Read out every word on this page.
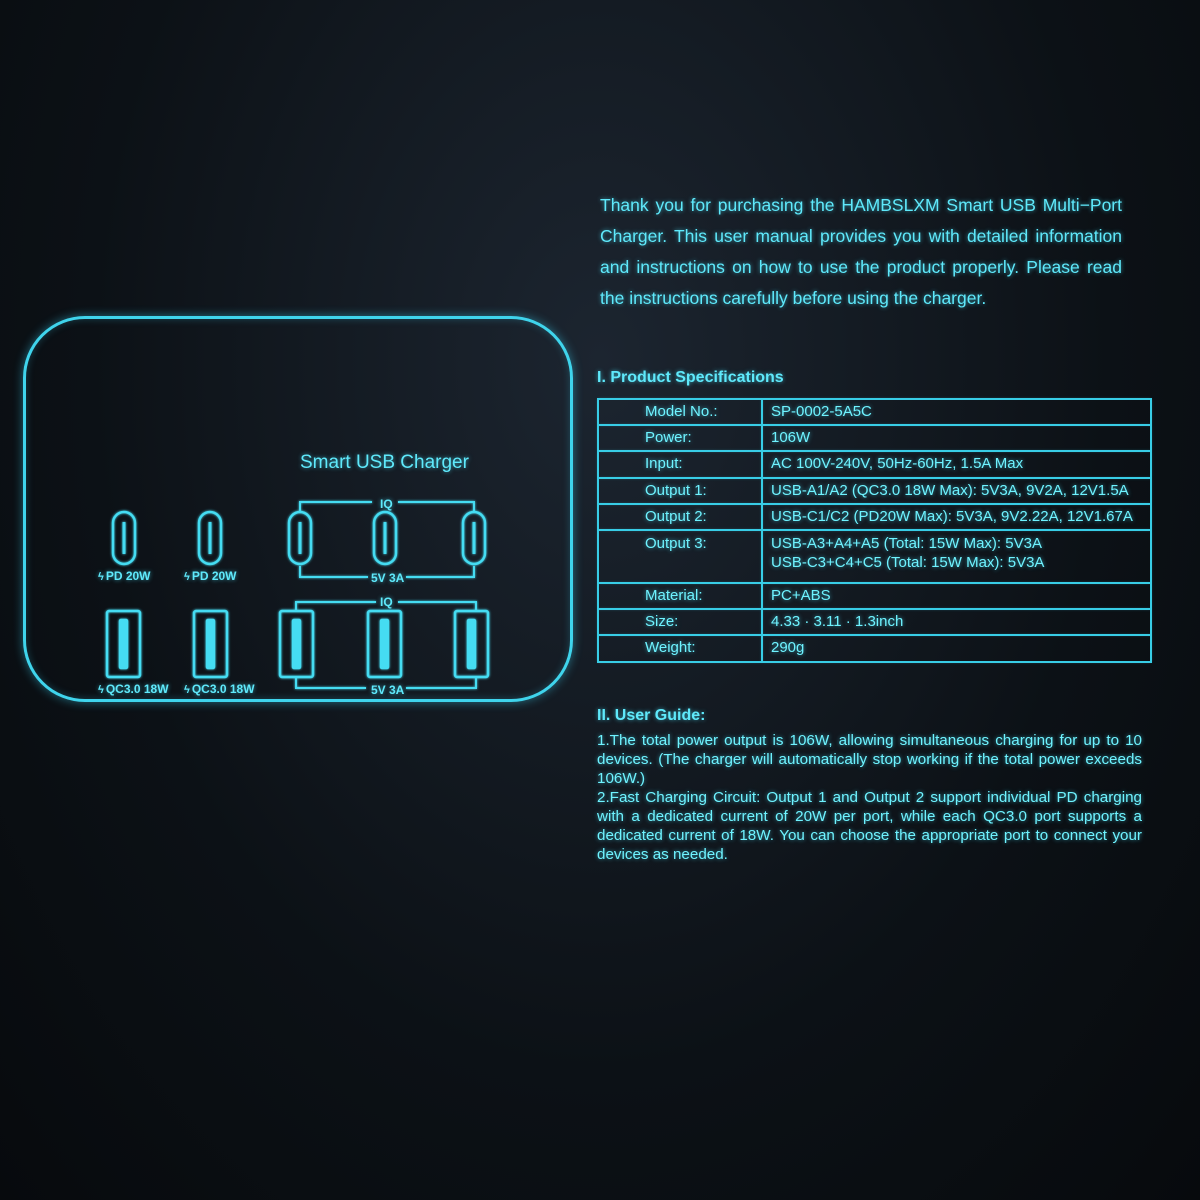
Thank you for purchasing the HAMBSLXM Smart USB Multi−Port Charger. This user manual provides you with detailed information and instructions on how to use the product properly. Please read the instructions carefully before using the charger.
Smart USB Charger
IQ
5V 3A
IQ
5V 3A
ϟ PD 20W	ϟ PD 20W
ϟ QC3.0 18W ϟ QC3.0 18W
I. Product Specifications
Model No.:	SP-0002-5A5C
Power:	106W
Input:	AC 100V-240V, 50Hz-60Hz, 1.5A Max
Output 1:	USB-A1/A2 (QC3.0 18W Max): 5V3A, 9V2A, 12V1.5A
Output 2:	USB-C1/C2 (PD20W Max): 5V3A, 9V2.22A, 12V1.67A
Output 3:	USB-A3+A4+A5 (Total: 15W Max): 5V3A
USB-C3+C4+C5 (Total: 15W Max): 5V3A

Material:	PC+ABS
Size:	4.33 · 3.11 · 1.3inch
Weight:	290g
II. User Guide:

1.The total power output is 106W, allowing simultaneous charging for up to 10 devices. (The charger will automatically stop working if the total power exceeds 106W.)

2.Fast Charging Circuit: Output 1 and Output 2 support individual PD charging with a dedicated current of 20W per port, while each QC3.0 port supports a dedicated current of 18W. You can choose the appropriate port to connect your devices as needed.
